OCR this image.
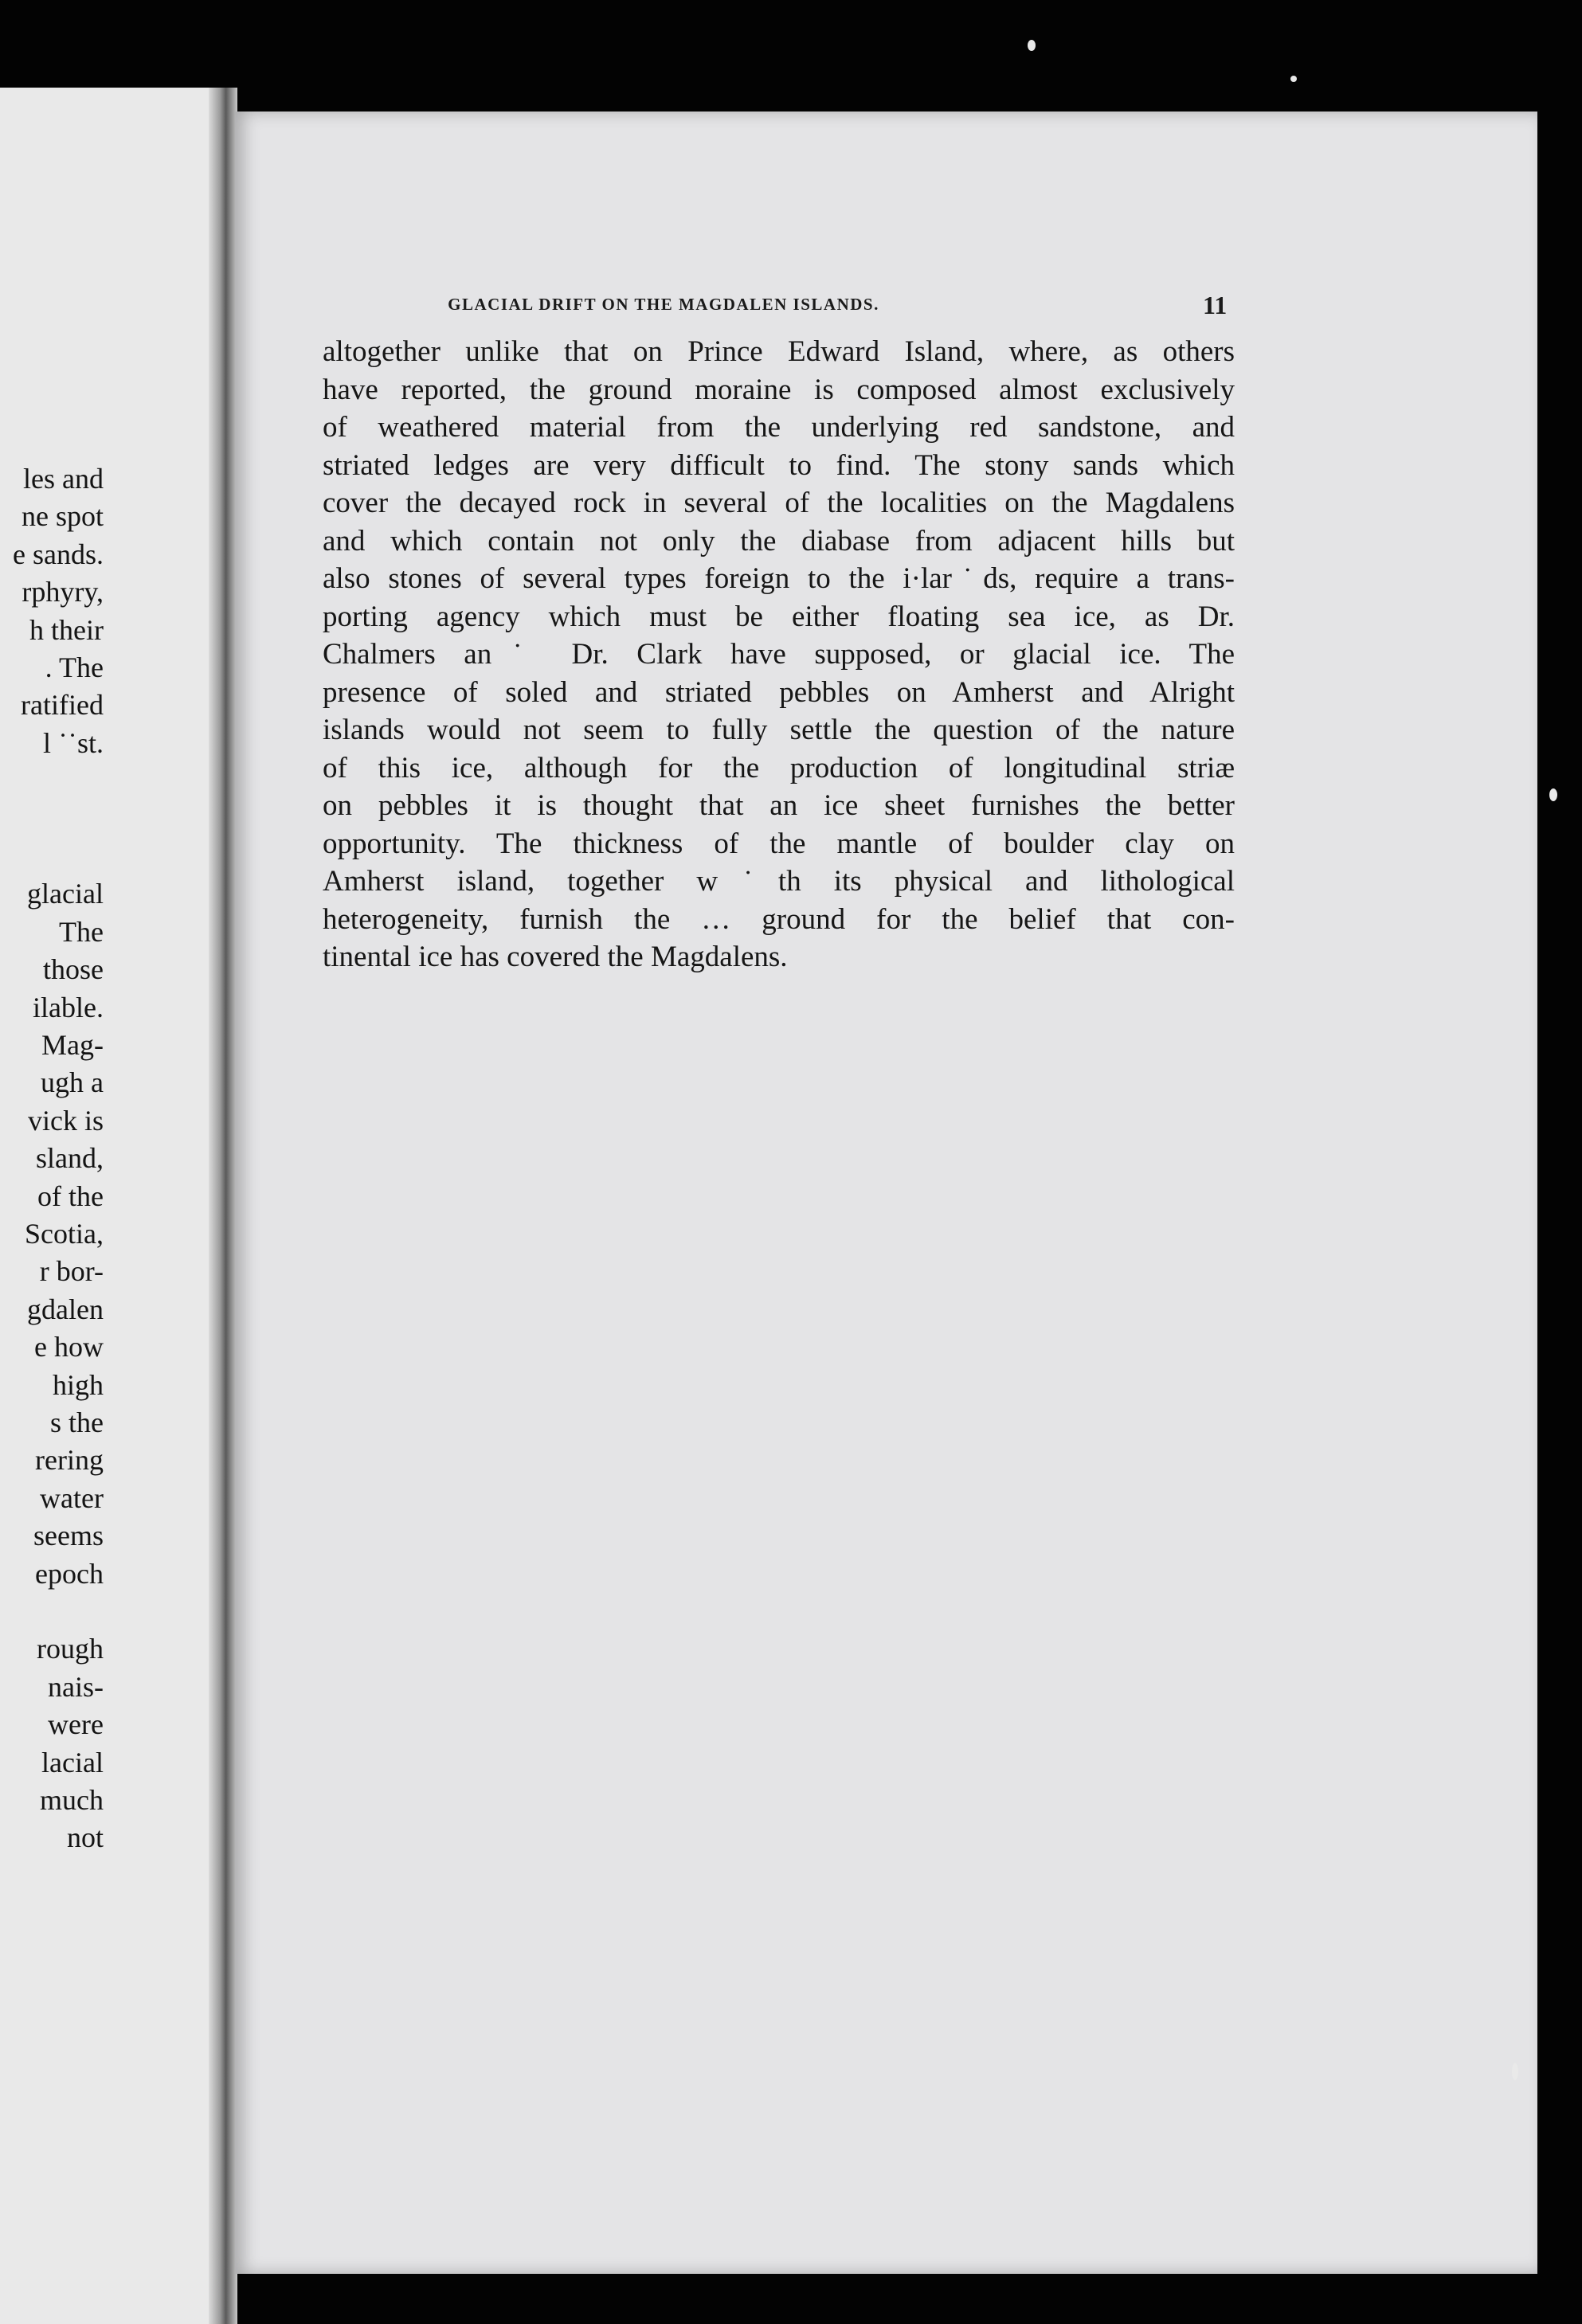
les and
ne spot
e sands.
rphyry,
h their
. The
ratified
l ˙˙st.
glacial
The
those
ilable.
Mag-
ugh a
vick is
sland,
of the
Scotia,
r bor-
gdalen
e how
high
s the
rering
water
seems
epoch
rough
nais-
were
lacial
much
not
GLACIAL DRIFT ON THE MAGDALEN ISLANDS.	11
altogether unlike that on Prince Edward Island, where, as others
have reported, the ground moraine is composed almost exclusively
of weathered material from the underlying red sandstone, and
striated ledges are very difficult to find. The stony sands which
cover the decayed rock in several of the localities on the Magdalens
and which contain not only the diabase from adjacent hills but
also stones of several types foreign to the i·lar˙ds, require a trans-
porting agency which must be either floating sea ice, as Dr.
Chalmers an˙ Dr. Clark have supposed, or glacial ice. The
presence of soled and striated pebbles on Amherst and Alright
islands would not seem to fully settle the question of the nature
of this ice, although for the production of longitudinal striæ
on pebbles it is thought that an ice sheet furnishes the better
opportunity. The thickness of the mantle of boulder clay on
Amherst island, together w˙th its physical and lithological
heterogeneity, furnish the … ground for the belief that con-
tinental ice has covered the Magdalens.
